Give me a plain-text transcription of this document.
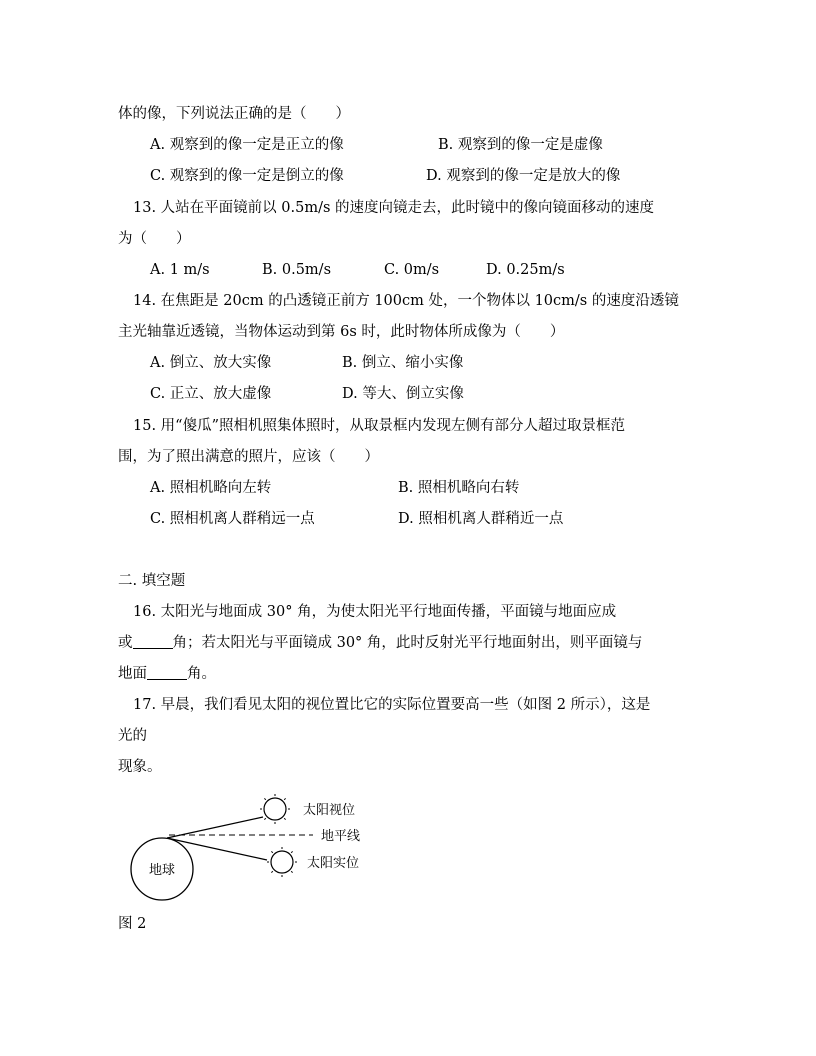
体的像，下列说法正确的是（　　）
A. 观察到的像一定是正立的像	B. 观察到的像一定是虚像
C. 观察到的像一定是倒立的像	D. 观察到的像一定是放大的像
13. 人站在平面镜前以 0.5m/s 的速度向镜走去，此时镜中的像向镜面移动的速度
为（　　）
A. 1 m/s	B. 0.5m/s	C. 0m/s	D. 0.25m/s
14. 在焦距是 20cm 的凸透镜正前方 100cm 处，一个物体以 10cm/s 的速度沿透镜
主光轴靠近透镜，当物体运动到第 6s 时，此时物体所成像为（　　）
A. 倒立、放大实像	B. 倒立、缩小实像
C. 正立、放大虚像	D. 等大、倒立实像
15. 用“傻瓜”照相机照集体照时，从取景框内发现左侧有部分人超过取景框范
围，为了照出满意的照片，应该（　　）
A. 照相机略向左转	B. 照相机略向右转
C. 照相机离人群稍远一点	D. 照相机离人群稍近一点
二. 填空题
16. 太阳光与地面成 30° 角，为使太阳光平行地面传播，平面镜与地面应成
或	角；若太阳光与平面镜成 30° 角，此时反射光平行地面射出，则平面镜与
地面	角。
17. 早晨，我们看见太阳的视位置比它的实际位置要高一些（如图 2 所示），这是
光的
现象。
地球
太阳视位
地平线
太阳实位
图 2
